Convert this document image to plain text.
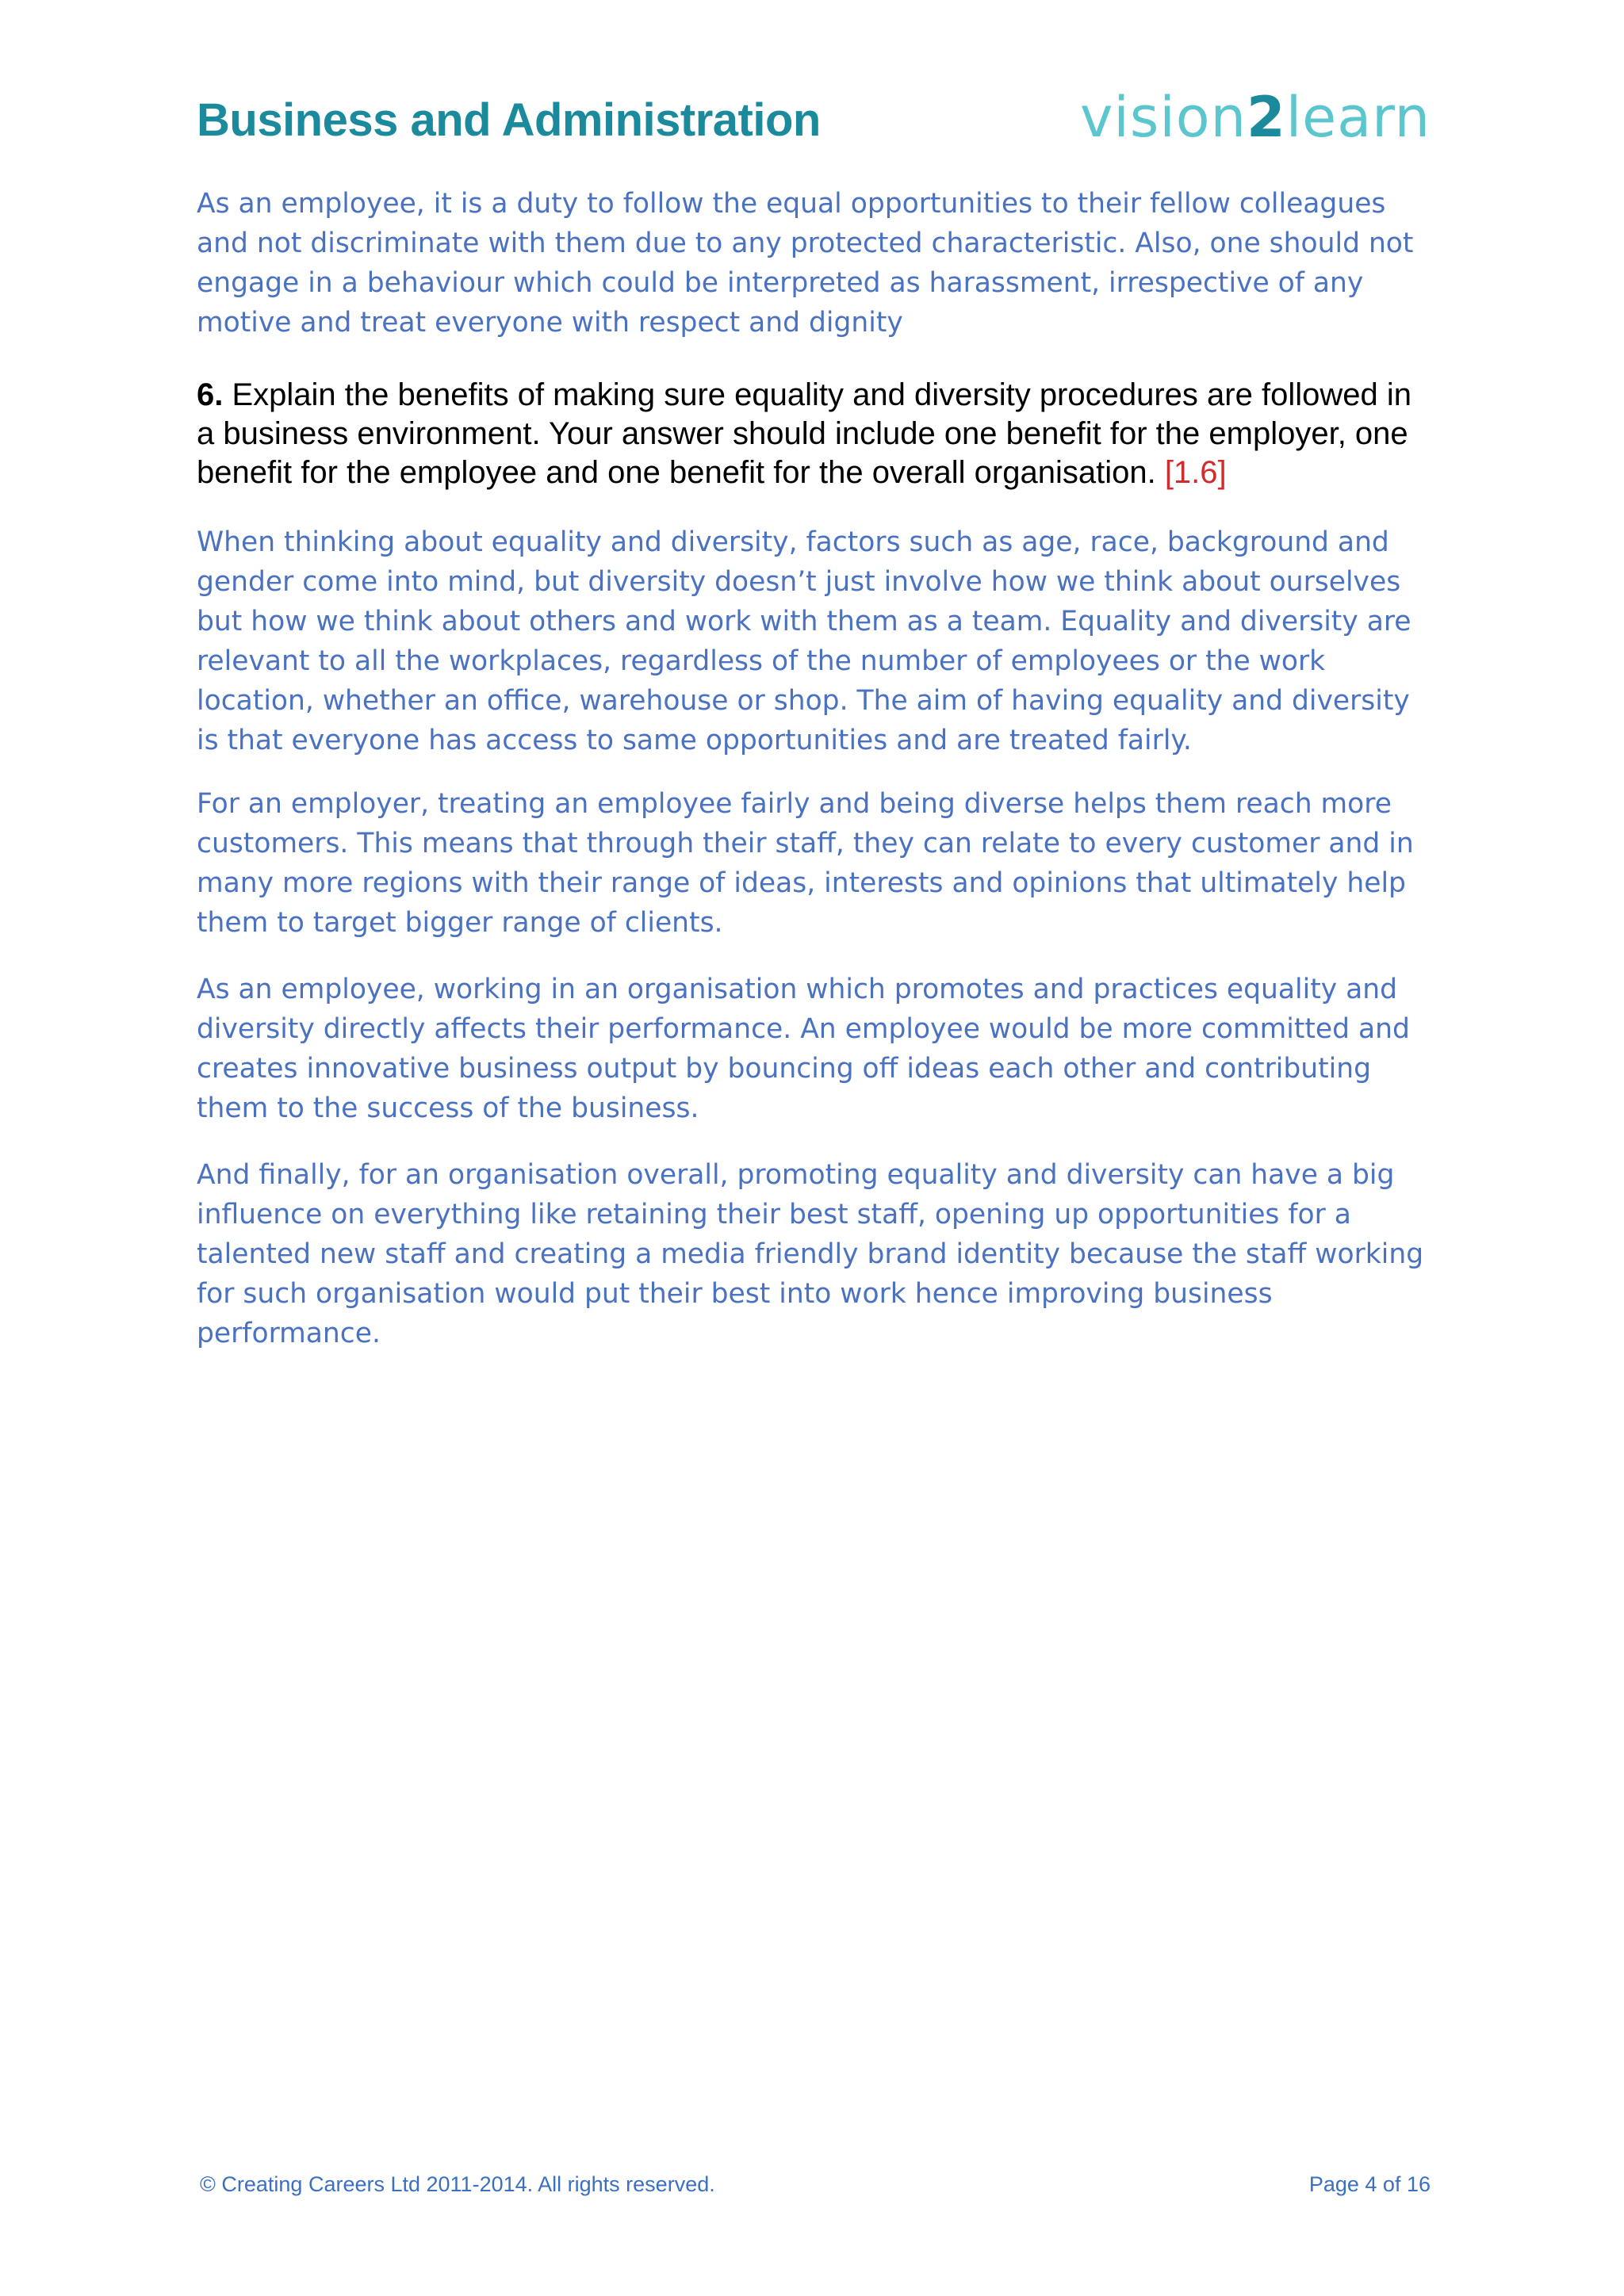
Business and Administration	vision2learn

As an employee, it is a duty to follow the equal opportunities to their fellow colleagues and not discriminate with them due to any protected characteristic. Also, one should not engage in a behaviour which could be interpreted as harassment, irrespective of any motive and treat everyone with respect and dignity

6. Explain the benefits of making sure equality and diversity procedures are followed in a business environment. Your answer should include one benefit for the employer, one benefit for the employee and one benefit for the overall organisation. [1.6]

When thinking about equality and diversity, factors such as age, race, background and gender come into mind, but diversity doesn’t just involve how we think about ourselves but how we think about others and work with them as a team. Equality and diversity are relevant to all the workplaces, regardless of the number of employees or the work location, whether an office, warehouse or shop. The aim of having equality and diversity is that everyone has access to same opportunities and are treated fairly.

For an employer, treating an employee fairly and being diverse helps them reach more customers. This means that through their staff, they can relate to every customer and in many more regions with their range of ideas, interests and opinions that ultimately help them to target bigger range of clients.

As an employee, working in an organisation which promotes and practices equality and diversity directly affects their performance. An employee would be more committed and creates innovative business output by bouncing off ideas each other and contributing them to the success of the business.

And finally, for an organisation overall, promoting equality and diversity can have a big influence on everything like retaining their best staff, opening up opportunities for a talented new staff and creating a media friendly brand identity because the staff working for such organisation would put their best into work hence improving business performance.

© Creating Careers Ltd 2011-2014. All rights reserved.	Page 4 of 16
